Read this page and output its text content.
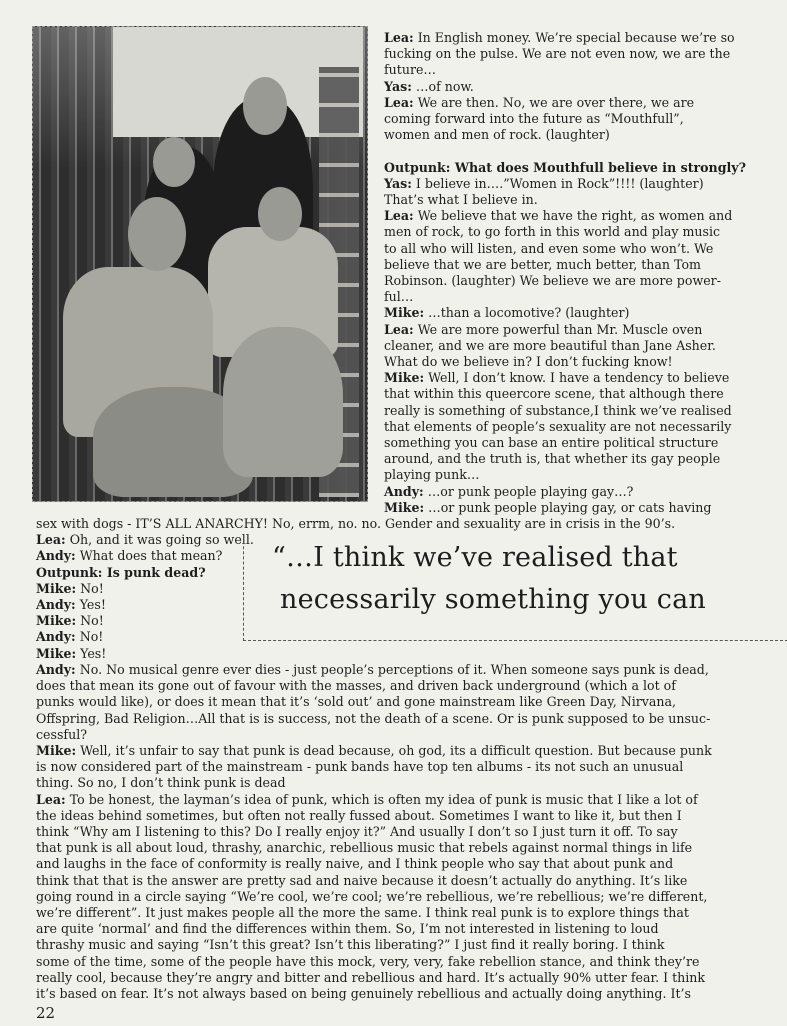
Lea: In English money. We’re special because we’re so

fucking on the pulse. We are not even now, we are the

future…

Yas: …of now.

Lea: We are then. No, we are over there, we are

coming forward into the future as “Mouthfull”,

women and men of rock. (laughter)

Outpunk: What does Mouthfull believe in strongly?

Yas: I believe in….”Women in Rock”!!!! (laughter)

That’s what I believe in.

Lea: We believe that we have the right, as women and

men of rock, to go forth in this world and play music

to all who will listen, and even some who won’t. We

believe that we are better, much better, than Tom

Robinson. (laughter) We believe we are more power-

ful…

Mike: …than a locomotive? (laughter)

Lea: We are more powerful than Mr. Muscle oven

cleaner, and we are more beautiful than Jane Asher.

What do we believe in? I don’t fucking know!

Mike: Well, I don’t know. I have a tendency to believe

that within this queercore scene, that although there

really is something of substance,I think we’ve realised

that elements of people’s sexuality are not necessarily

something you can base an entire political structure

around, and the truth is, that whether its gay people

playing punk…

Andy: …or punk people playing gay…?

Mike: …or punk people playing gay, or cats having

sex with dogs - IT’S ALL ANARCHY! No, errm, no. no. Gender and sexuality are in crisis in the 90’s.

Lea: Oh, and it was going so well.

Andy: What does that mean?

Outpunk: Is punk dead?

Mike: No!

Andy: Yes!

Mike: No!

Andy: No!

Mike: Yes!

“…I think we’ve realised that

necessarily something you can

Andy: No. No musical genre ever dies - just people’s perceptions of it. When someone says punk is dead,

does that mean its gone out of favour with the masses, and driven back underground (which a lot of

punks would like), or does it mean that it’s ‘sold out’ and gone mainstream like Green Day, Nirvana,

Offspring, Bad Religion…All that is is success, not the death of a scene. Or is punk supposed to be unsuc-

cessful?

Mike: Well, it’s unfair to say that punk is dead because, oh god, its a difficult question. But because punk

is now considered part of the mainstream - punk bands have top ten albums - its not such an unusual

thing. So no, I don’t think punk is dead

Lea: To be honest, the layman’s idea of punk, which is often my idea of punk is music that I like a lot of

the ideas behind sometimes, but often not really fussed about. Sometimes I want to like it, but then I

think “Why am I listening to this? Do I really enjoy it?” And usually I don’t so I just turn it off. To say

that punk is all about loud, thrashy, anarchic, rebellious music that rebels against normal things in life

and laughs in the face of conformity is really naive, and I think people who say that about punk and

think that that is the answer are pretty sad and naive because it doesn’t actually do anything. It’s like

going round in a circle saying “We’re cool, we’re cool; we’re rebellious, we’re rebellious; we’re different,

we’re different”. It just makes people all the more the same. I think real punk is to explore things that

are quite ‘normal’ and find the differences within them. So, I’m not interested in listening to loud

thrashy music and saying “Isn’t this great? Isn’t this liberating?” I just find it really boring. I think

some of the time, some of the people have this mock, very, very, fake rebellion stance, and think they’re

really cool, because they’re angry and bitter and rebellious and hard. It’s actually 90% utter fear. I think

it’s based on fear. It’s not always based on being genuinely rebellious and actually doing anything. It’s

22
